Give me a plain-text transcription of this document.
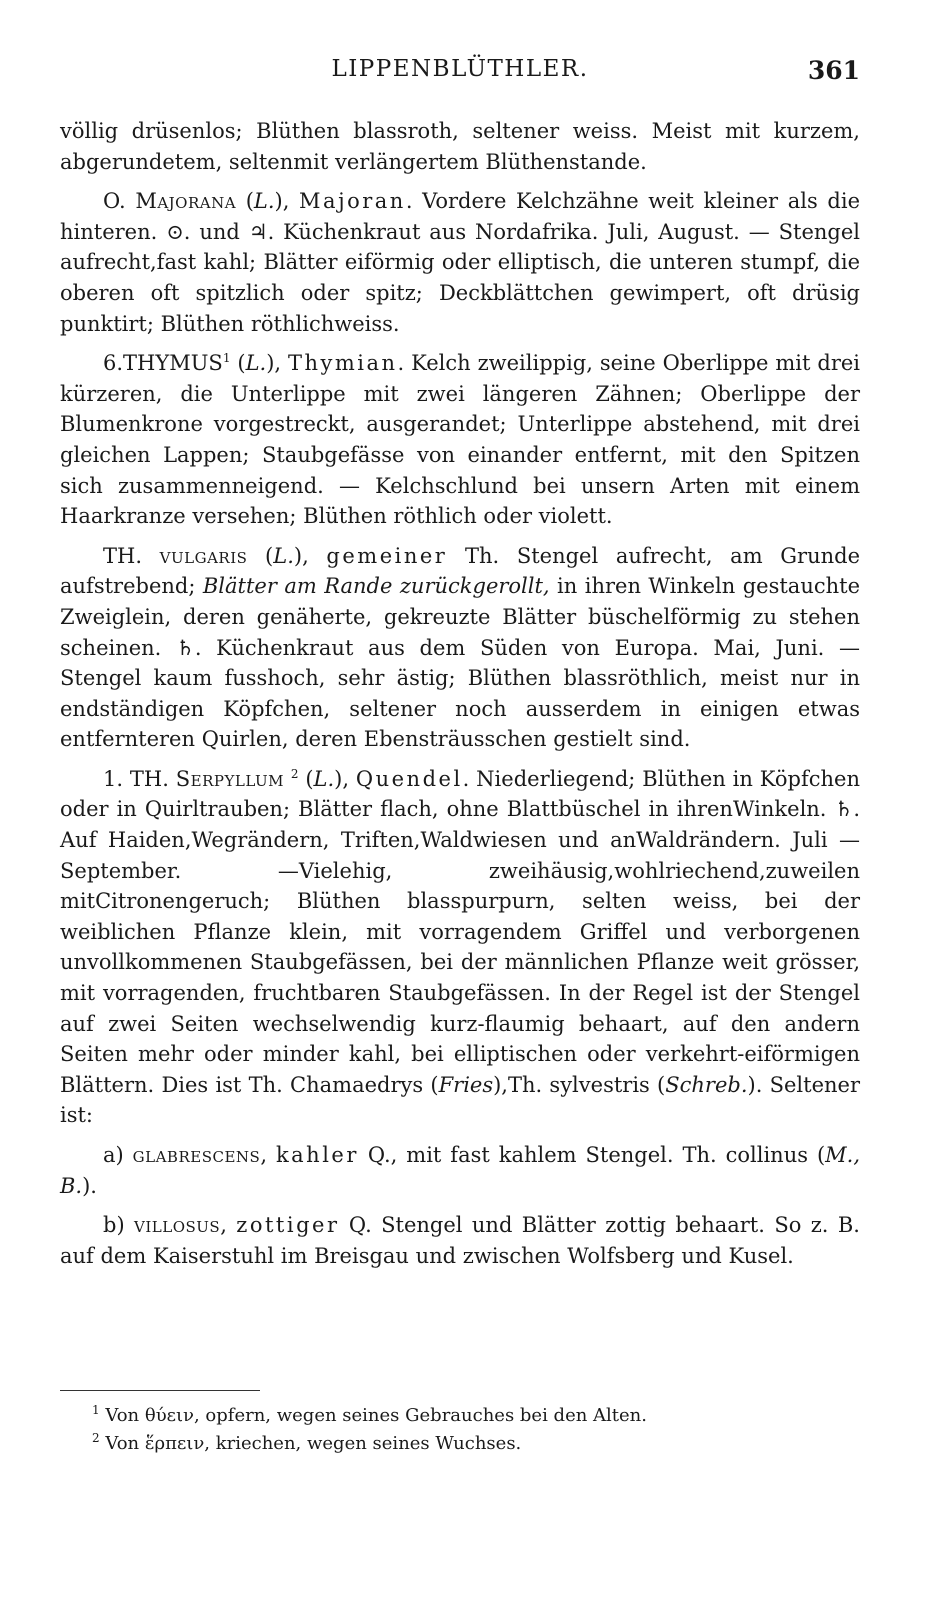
LIPPENBLÜTHLER.	361

völlig drüsenlos; Blüthen blassroth, seltener weiss. Meist mit kurzem, abgerundetem, seltenmit verlängertem Blüthenstande.

O. Majorana (L.), Majoran. Vordere Kelchzähne weit kleiner als die hinteren. ⊙. und ♃. Küchenkraut aus Nordafrika. Juli, August. — Stengel aufrecht,fast kahl; Blätter eiförmig oder elliptisch, die unteren stumpf, die oberen oft spitzlich oder spitz; Deckblättchen gewimpert, oft drüsig punktirt; Blüthen röthlichweiss.

6.THYMUS$^1$ (L.), Thymian. Kelch zweilippig, seine Oberlippe mit drei kürzeren, die Unterlippe mit zwei längeren Zähnen; Oberlippe der Blumenkrone vorgestreckt, ausgerandet; Unterlippe abstehend, mit drei gleichen Lappen; Staubgefässe von einander entfernt, mit den Spitzen sich zusammenneigend. — Kelchschlund bei unsern Arten mit einem Haarkranze versehen; Blüthen röthlich oder violett.

TH. vulgaris (L.), gemeiner Th. Stengel aufrecht, am Grunde aufstrebend; Blätter am Rande zurückgerollt, in ihren Winkeln gestauchte Zweiglein, deren genäherte, gekreuzte Blätter büschelförmig zu stehen scheinen. ♄. Küchenkraut aus dem Süden von Europa. Mai, Juni. — Stengel kaum fusshoch, sehr ästig; Blüthen blassröthlich, meist nur in endständigen Köpfchen, seltener noch ausserdem in einigen etwas entfernteren Quirlen, deren Ebensträusschen gestielt sind.

1. TH. Serpyllum $^2$ (L.), Quendel. Niederliegend; Blüthen in Köpfchen oder in Quirltrauben; Blätter flach, ohne Blattbüschel in ihrenWinkeln. ♄. Auf Haiden,Wegrändern, Triften,Waldwiesen und anWaldrändern. Juli — September. —Vielehig, zweihäusig,wohlriechend,zuweilen mitCitronengeruch; Blüthen blasspurpurn, selten weiss, bei der weiblichen Pflanze klein, mit vorragendem Griffel und verborgenen unvollkommenen Staubgefässen, bei der männlichen Pflanze weit grösser, mit vorragenden, fruchtbaren Staubgefässen. In der Regel ist der Stengel auf zwei Seiten wechselwendig kurz-flaumig behaart, auf den andern Seiten mehr oder minder kahl, bei elliptischen oder verkehrt-eiförmigen Blättern. Dies ist Th. Chamaedrys (Fries),Th. sylvestris (Schreb.). Seltener ist:

a) glabrescens, kahler Q., mit fast kahlem Stengel. Th. collinus (M., B.).

b) villosus, zottiger Q. Stengel und Blätter zottig behaart. So z. B. auf dem Kaiserstuhl im Breisgau und zwischen Wolfsberg und Kusel.

$^1$ Von θύειν, opfern, wegen seines Gebrauches bei den Alten.
$^2$ Von ἕρπειν, kriechen, wegen seines Wuchses.
